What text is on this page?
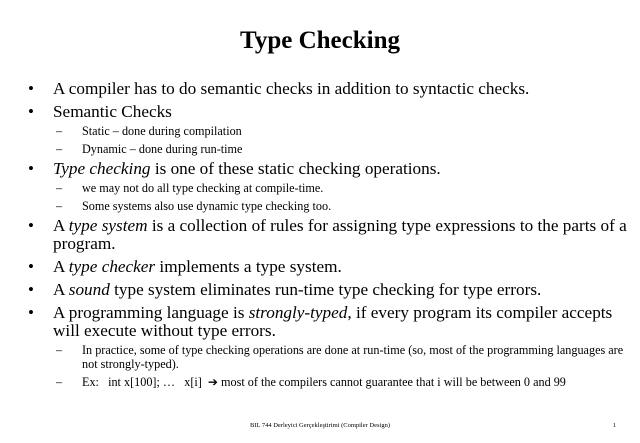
Type Checking
•	A compiler has to do semantic checks in addition to syntactic checks.
•	Semantic Checks
– Static – done during compilation
– Dynamic – done during run-time
•	Type checking is one of these static checking operations.
– we may not do all type checking at compile-time.
– Some systems also use dynamic type checking too.
•	A type system is a collection of rules for assigning type expressions to the parts of a program.
•	A type checker implements a type system.
•	A sound type system eliminates run-time type checking for type errors.
•	A programming language is strongly-typed, if every program its compiler accepts will execute without type errors.
– In practice, some of type checking operations are done at run-time (so, most of the programming languages are not strongly-typed).
– Ex:   int x[100]; …   x[i]  ➔ most of the compilers cannot guarantee that i will be between 0 and 99
BIL 744 Derleyici Gerçekleştirimi (Compiler Design)	1
